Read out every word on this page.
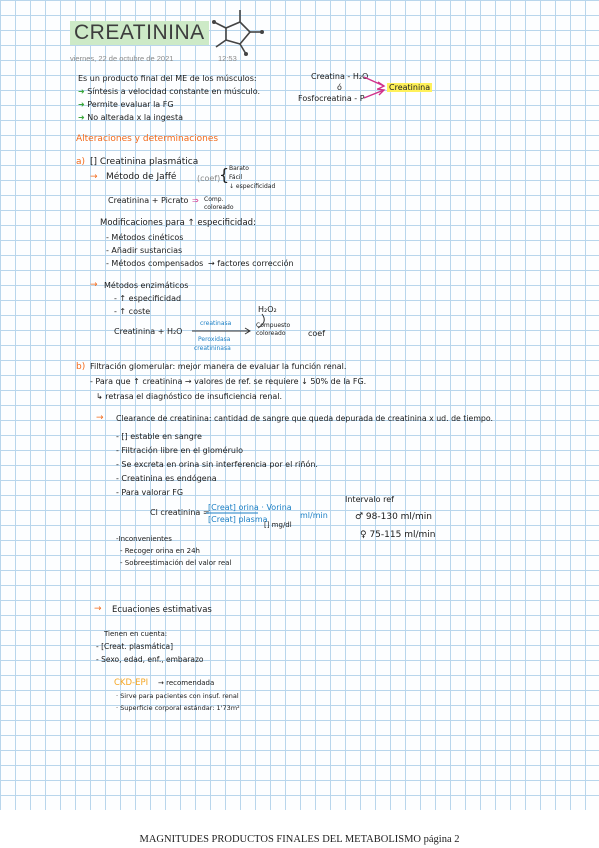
CREATININA
viernes, 22 de octubre de 2021	12:53
Es un producto final del ME de los músculos:
➜ Síntesis a velocidad constante en músculo.
➜ Permite evaluar la FG
➜ No alterada x la ingesta
Creatina - H₂O
ó
Fosfocreatina - P
Creatinina
Alteraciones y determinaciones
a) [] Creatinina plasmática
→ Método de Jaffé	(coef)
{ Barato
Fácil
↓ especificidad
Creatinina + Picrato ⇒ Comp. coloreado
Modificaciones para ↑ especificidad:
- Métodos cinéticos
- Añadir sustancias
- Métodos compensados → factores corrección
→ Métodos enzimáticos
- ↑ especificidad
- ↑ coste	H₂O₂
Creatinina + H₂O
creatinasa
Peroxidasa
creatininasa
Compuesto coloreado	coef
b) Filtración glomerular: mejor manera de evaluar la función renal.
- Para que ↑ creatinina → valores de ref. se requiere ↓ 50% de la FG.
↳ retrasa el diagnóstico de insuficiencia renal.
→ Clearance de creatinina: cantidad de sangre que queda depurada de creatinina x ud. de tiempo.
- [] estable en sangre
- Filtración libre en el glomérulo
- Se excreta en orina sin interferencia por el riñón.
- Creatinina es endógena
- Para valorar FG
Cl creatinina =
[Creat] orina · Vorina
[Creat] plasma	ml/min
[] mg/dl
Intervalo ref
♂ 98-130 ml/min
♀ 75-115 ml/min
-Inconvenientes
- Recoger orina en 24h
- Sobreestimación del valor real
→ Ecuaciones estimativas
Tienen en cuenta:
- [Creat. plasmática]
- Sexo, edad, enf., embarazo
CKD-EPI → recomendada
· Sirve para pacientes con insuf. renal
· Superficie corporal estándar: 1'73m²
MAGNITUDES PRODUCTOS FINALES DEL METABOLISMO página 2
